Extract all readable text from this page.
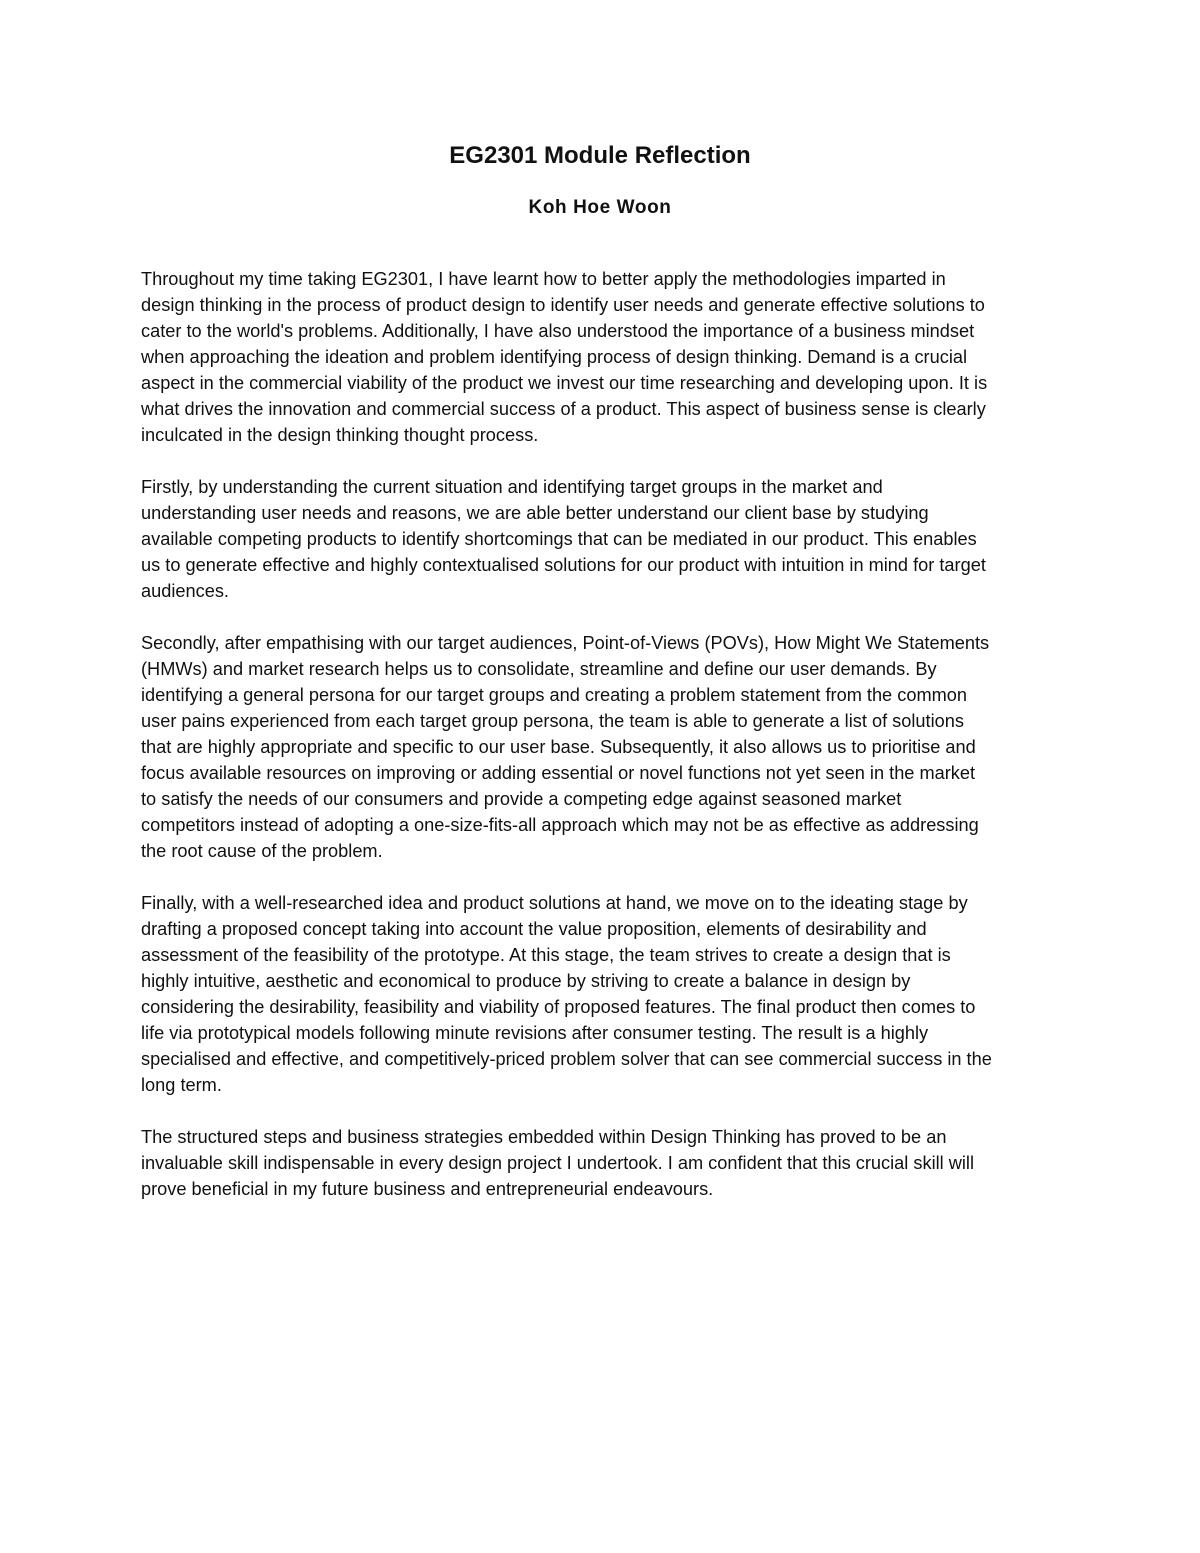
EG2301 Module Reflection
Koh Hoe Woon

Throughout my time taking EG2301, I have learnt how to better apply the methodologies imparted in
design thinking in the process of product design to identify user needs and generate effective solutions to
cater to the world's problems. Additionally, I have also understood the importance of a business mindset
when approaching the ideation and problem identifying process of design thinking. Demand is a crucial
aspect in the commercial viability of the product we invest our time researching and developing upon. It is
what drives the innovation and commercial success of a product. This aspect of business sense is clearly
inculcated in the design thinking thought process.

Firstly, by understanding the current situation and identifying target groups in the market and
understanding user needs and reasons, we are able better understand our client base by studying
available competing products to identify shortcomings that can be mediated in our product. This enables
us to generate effective and highly contextualised solutions for our product with intuition in mind for target
audiences.

Secondly, after empathising with our target audiences, Point-of-Views (POVs), How Might We Statements
(HMWs) and market research helps us to consolidate, streamline and define our user demands. By
identifying a general persona for our target groups and creating a problem statement from the common
user pains experienced from each target group persona, the team is able to generate a list of solutions
that are highly appropriate and specific to our user base. Subsequently, it also allows us to prioritise and
focus available resources on improving or adding essential or novel functions not yet seen in the market
to satisfy the needs of our consumers and provide a competing edge against seasoned market
competitors instead of adopting a one-size-fits-all approach which may not be as effective as addressing
the root cause of the problem.

Finally, with a well-researched idea and product solutions at hand, we move on to the ideating stage by
drafting a proposed concept taking into account the value proposition, elements of desirability and
assessment of the feasibility of the prototype. At this stage, the team strives to create a design that is
highly intuitive, aesthetic and economical to produce by striving to create a balance in design by
considering the desirability, feasibility and viability of proposed features. The final product then comes to
life via prototypical models following minute revisions after consumer testing. The result is a highly
specialised and effective, and competitively-priced problem solver that can see commercial success in the
long term.

The structured steps and business strategies embedded within Design Thinking has proved to be an
invaluable skill indispensable in every design project I undertook. I am confident that this crucial skill will
prove beneficial in my future business and entrepreneurial endeavours.
